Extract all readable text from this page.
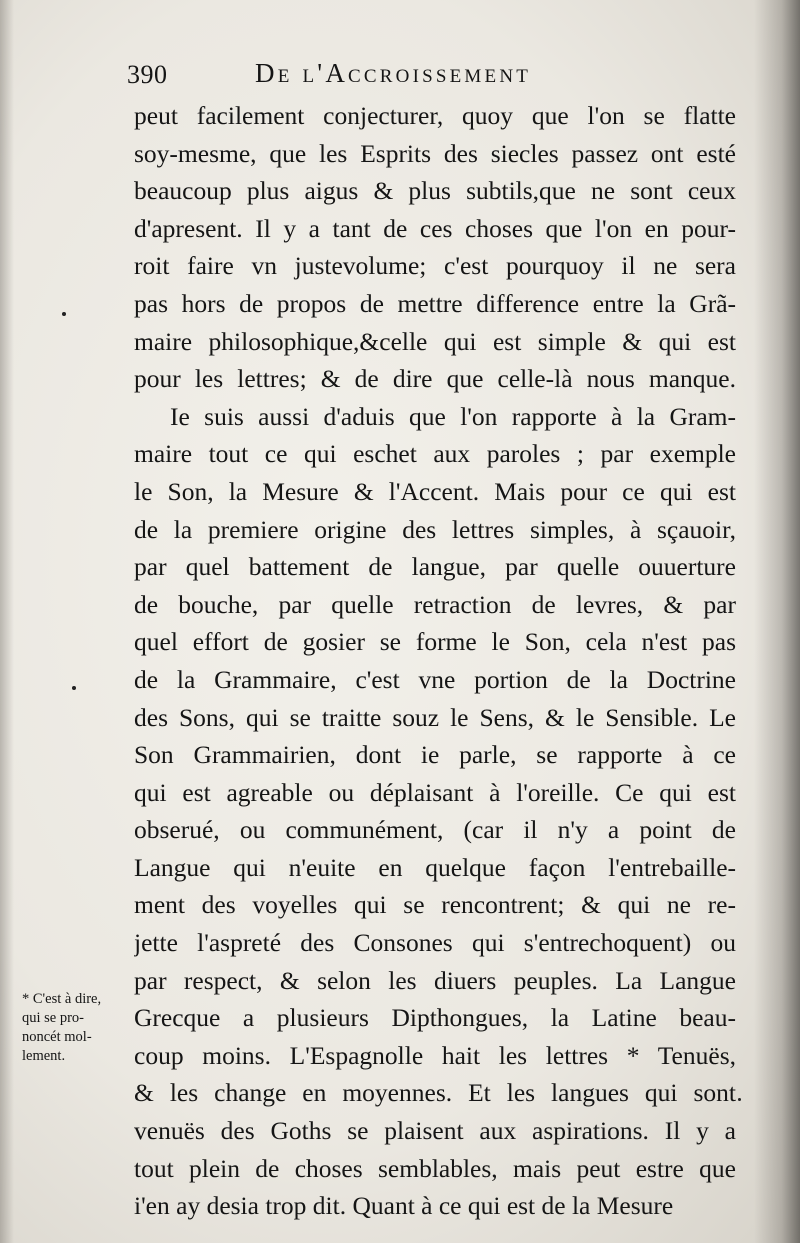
390	De l'Accroissement
peut facilement conjecturer, quoy que l'on se flatte
soy-mesme, que les Esprits des siecles passez ont esté
beaucoup plus aigus & plus subtils,que ne sont ceux
d'apresent. Il y a tant de ces choses que l'on en pour-
roit faire vn justevolume; c'est pourquoy il ne sera
pas hors de propos de mettre difference entre la Grã-
maire philosophique,&celle qui est simple & qui est
pour les lettres; & de dire que celle-là nous manque.
Ie suis aussi d'aduis que l'on rapporte à la Gram-
maire tout ce qui eschet aux paroles ; par exemple
le Son, la Mesure & l'Accent. Mais pour ce qui est
de la premiere origine des lettres simples, à sçauoir,
par quel battement de langue, par quelle ouuerture
de bouche, par quelle retraction de levres, & par
quel effort de gosier se forme le Son, cela n'est pas
de la Grammaire, c'est vne portion de la Doctrine
des Sons, qui se traitte souz le Sens, & le Sensible. Le
Son Grammairien, dont ie parle, se rapporte à ce
qui est agreable ou déplaisant à l'oreille. Ce qui est
obserué, ou communément, (car il n'y a point de
Langue qui n'euite en quelque façon l'entrebaille-
ment des voyelles qui se rencontrent; & qui ne re-
jette l'aspreté des Consones qui s'entrechoquent) ou
par respect, & selon les diuers peuples. La Langue
Grecque a plusieurs Dipthongues, la Latine beau-
coup moins. L'Espagnolle hait les lettres * Tenuës,
& les change en moyennes. Et les langues qui sont
venuës des Goths se plaisent aux aspirations. Il y a
tout plein de choses semblables, mais peut estre que
i'en ay desia trop dit. Quant à ce qui est de la Mesure
* C'est à dire,
qui se pro-
noncét mol-
lement.
